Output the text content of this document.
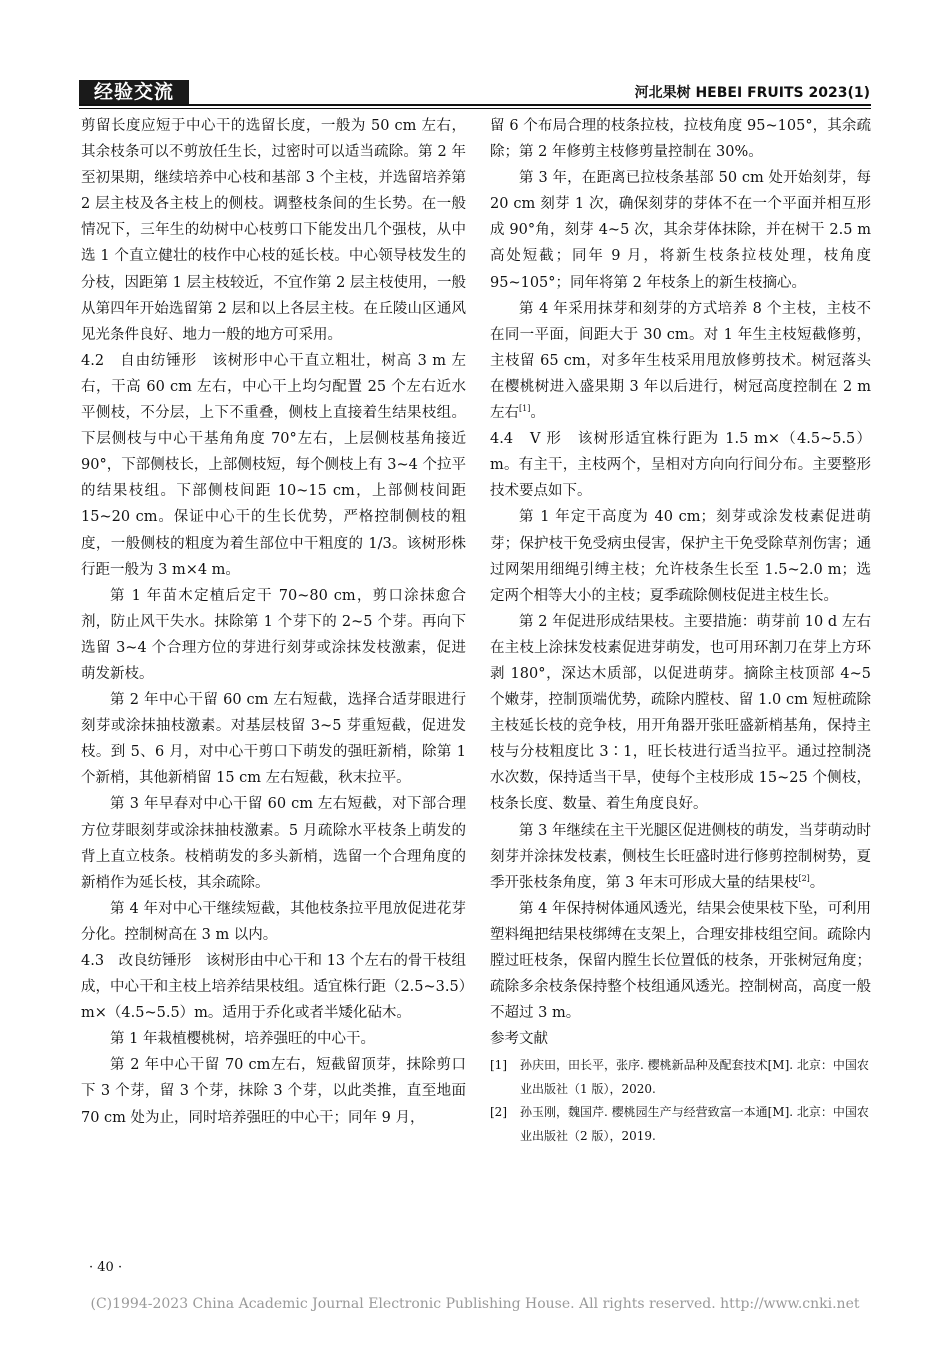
经验交流	河北果树 HEBEI FRUITS 2023(1)

剪留长度应短于中心干的选留长度，一般为 50 cm 左右，其余枝条可以不剪放任生长，过密时可以适当疏除。第 2 年至初果期，继续培养中心枝和基部 3 个主枝，并选留培养第 2 层主枝及各主枝上的侧枝。调整枝条间的生长势。在一般情况下，三年生的幼树中心枝剪口下能发出几个强枝，从中选 1 个直立健壮的枝作中心枝的延长枝。中心领导枝发生的分枝，因距第 1 层主枝较近，不宜作第 2 层主枝使用，一般从第四年开始选留第 2 层和以上各层主枝。在丘陵山区通风见光条件良好、地力一般的地方可采用。

4.2　自由纺锤形　该树形中心干直立粗壮，树高 3 m 左右，干高 60 cm 左右，中心干上均匀配置 25 个左右近水平侧枝，不分层，上下不重叠，侧枝上直接着生结果枝组。下层侧枝与中心干基角角度 70°左右，上层侧枝基角接近 90°，下部侧枝长，上部侧枝短，每个侧枝上有 3~4 个拉平的结果枝组。下部侧枝间距 10~15 cm，上部侧枝间距 15~20 cm。保证中心干的生长优势，严格控制侧枝的粗度，一般侧枝的粗度为着生部位中干粗度的 1/3。该树形株行距一般为 3 m×4 m。

第 1 年苗木定植后定干 70~80 cm，剪口涂抹愈合剂，防止风干失水。抹除第 1 个芽下的 2~5 个芽。再向下选留 3~4 个合理方位的芽进行刻芽或涂抹发枝激素，促进萌发新枝。

第 2 年中心干留 60 cm 左右短截，选择合适芽眼进行刻芽或涂抹抽枝激素。对基层枝留 3~5 芽重短截，促进发枝。到 5、6 月，对中心干剪口下萌发的强旺新梢，除第 1 个新梢，其他新梢留 15 cm 左右短截，秋末拉平。

第 3 年早春对中心干留 60 cm 左右短截，对下部合理方位芽眼刻芽或涂抹抽枝激素。5 月疏除水平枝条上萌发的背上直立枝条。枝梢萌发的多头新梢，选留一个合理角度的新梢作为延长枝，其余疏除。

第 4 年对中心干继续短截，其他枝条拉平甩放促进花芽分化。控制树高在 3 m 以内。

4.3　改良纺锤形　该树形由中心干和 13 个左右的骨干枝组成，中心干和主枝上培养结果枝组。适宜株行距（2.5~3.5）m×（4.5~5.5）m。适用于乔化或者半矮化砧木。

第 1 年栽植樱桃树，培养强旺的中心干。

第 2 年中心干留 70 cm左右，短截留顶芽，抹除剪口下 3 个芽，留 3 个芽，抹除 3 个芽，以此类推，直至地面 70 cm 处为止，同时培养强旺的中心干；同年 9 月，

留 6 个布局合理的枝条拉枝，拉枝角度 95~105°，其余疏除；第 2 年修剪主枝修剪量控制在 30%。

第 3 年，在距离已拉枝条基部 50 cm 处开始刻芽，每 20 cm 刻芽 1 次，确保刻芽的芽体不在一个平面并相互形成 90°角，刻芽 4~5 次，其余芽体抹除，并在树干 2.5 m 高处短截；同年 9 月，将新生枝条拉枝处理，枝角度 95~105°；同年将第 2 年枝条上的新生枝摘心。

第 4 年采用抹芽和刻芽的方式培养 8 个主枝，主枝不在同一平面，间距大于 30 cm。对 1 年生主枝短截修剪，主枝留 65 cm，对多年生枝采用甩放修剪技术。树冠落头在樱桃树进入盛果期 3 年以后进行，树冠高度控制在 2 m 左右[1]。

4.4　V 形　该树形适宜株行距为 1.5 m×（4.5~5.5）m。有主干，主枝两个，呈相对方向向行间分布。主要整形技术要点如下。

第 1 年定干高度为 40 cm；刻芽或涂发枝素促进萌芽；保护枝干免受病虫侵害，保护主干免受除草剂伤害；通过网架用细绳引缚主枝；允许枝条生长至 1.5~2.0 m；选定两个相等大小的主枝；夏季疏除侧枝促进主枝生长。

第 2 年促进形成结果枝。主要措施：萌芽前 10 d 左右在主枝上涂抹发枝素促进芽萌发，也可用环割刀在芽上方环剥 180°，深达木质部，以促进萌芽。摘除主枝顶部 4~5 个嫩芽，控制顶端优势，疏除内膛枝、留 1.0 cm 短桩疏除主枝延长枝的竞争枝，用开角器开张旺盛新梢基角，保持主枝与分枝粗度比 3∶1，旺长枝进行适当拉平。通过控制浇水次数，保持适当干旱，使每个主枝形成 15~25 个侧枝，枝条长度、数量、着生角度良好。

第 3 年继续在主干光腿区促进侧枝的萌发，当芽萌动时刻芽并涂抹发枝素，侧枝生长旺盛时进行修剪控制树势，夏季开张枝条角度，第 3 年末可形成大量的结果枝[2]。

第 4 年保持树体通风透光，结果会使果枝下坠，可利用塑料绳把结果枝绑缚在支架上，合理安排枝组空间。疏除内膛过旺枝条，保留内膛生长位置低的枝条，开张树冠角度；疏除多余枝条保持整个枝组通风透光。控制树高，高度一般不超过 3 m。

参考文献

[1] 孙庆田，田长平，张序. 樱桃新品种及配套技术[M]. 北京：中国农业出版社（1 版），2020.
[2] 孙玉刚，魏国芹. 樱桃园生产与经营致富一本通[M]. 北京：中国农业出版社（2 版），2019.
· 40 ·
(C)1994-2023 China Academic Journal Electronic Publishing House. All rights reserved. http://www.cnki.net
